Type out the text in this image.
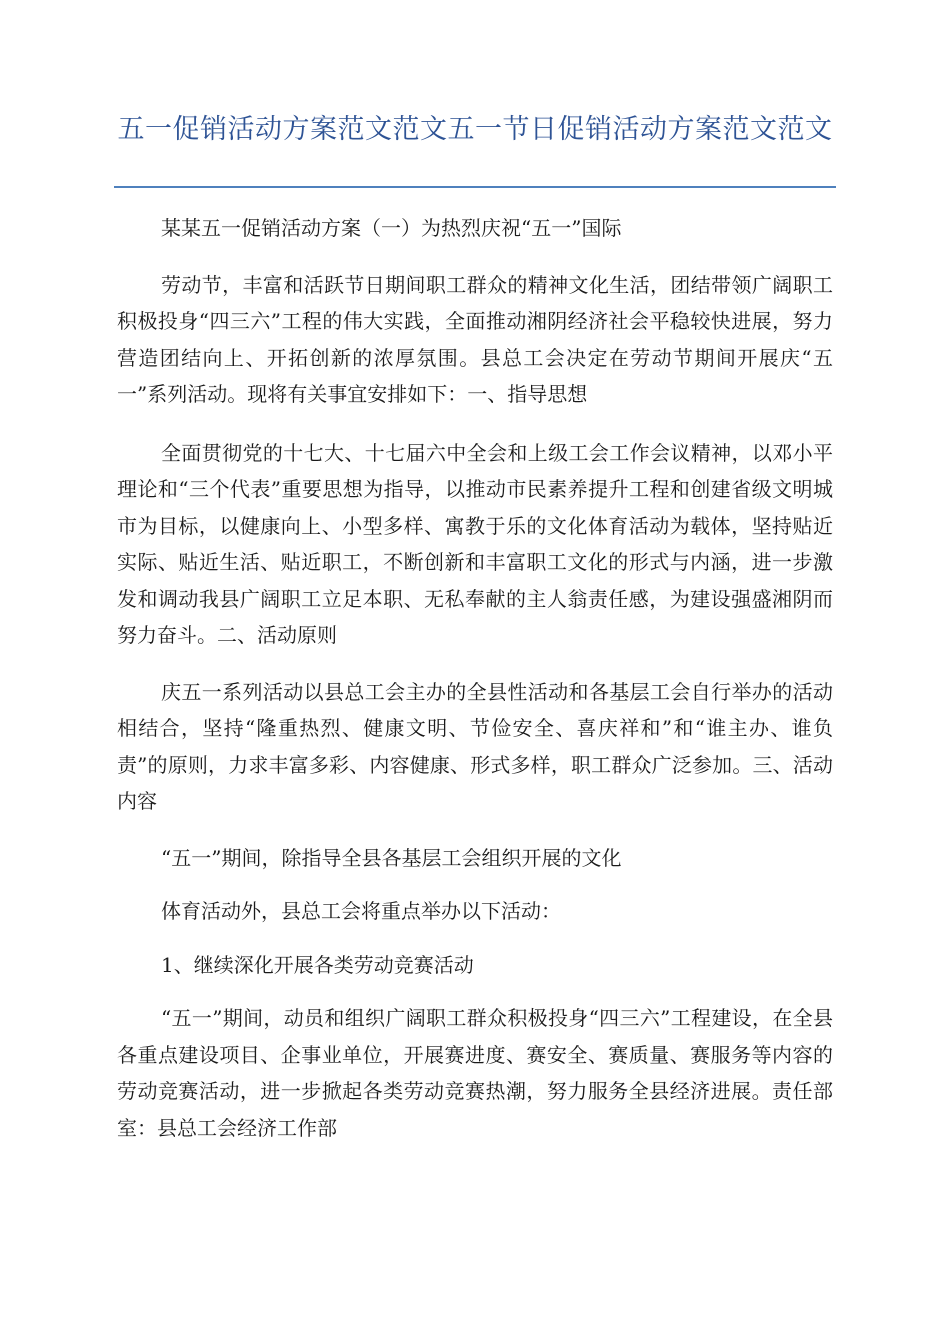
五一促销活动方案范文范文五一节日促销活动方案范文范文

某某五一促销活动方案（一）为热烈庆祝“五一”国际

劳动节，丰富和活跃节日期间职工群众的精神文化生活，团结带领广阔职工积极投身“四三六”工程的伟大实践，全面推动湘阴经济社会平稳较快进展，努力营造团结向上、开拓创新的浓厚氛围。县总工会决定在劳动节期间开展庆“五一”系列活动。现将有关事宜安排如下：一、指导思想

全面贯彻党的十七大、十七届六中全会和上级工会工作会议精神，以邓小平理论和“三个代表”重要思想为指导，以推动市民素养提升工程和创建省级文明城市为目标，以健康向上、小型多样、寓教于乐的文化体育活动为载体，坚持贴近实际、贴近生活、贴近职工，不断创新和丰富职工文化的形式与内涵，进一步激发和调动我县广阔职工立足本职、无私奉献的主人翁责任感，为建设强盛湘阴而努力奋斗。二、活动原则

庆五一系列活动以县总工会主办的全县性活动和各基层工会自行举办的活动相结合，坚持“隆重热烈、健康文明、节俭安全、喜庆祥和”和“谁主办、谁负责”的原则，力求丰富多彩、内容健康、形式多样，职工群众广泛参加。三、活动内容

“五一”期间，除指导全县各基层工会组织开展的文化

体育活动外，县总工会将重点举办以下活动：

1、继续深化开展各类劳动竞赛活动

“五一”期间，动员和组织广阔职工群众积极投身“四三六”工程建设，在全县各重点建设项目、企事业单位，开展赛进度、赛安全、赛质量、赛服务等内容的劳动竞赛活动，进一步掀起各类劳动竞赛热潮，努力服务全县经济进展。责任部室：县总工会经济工作部
